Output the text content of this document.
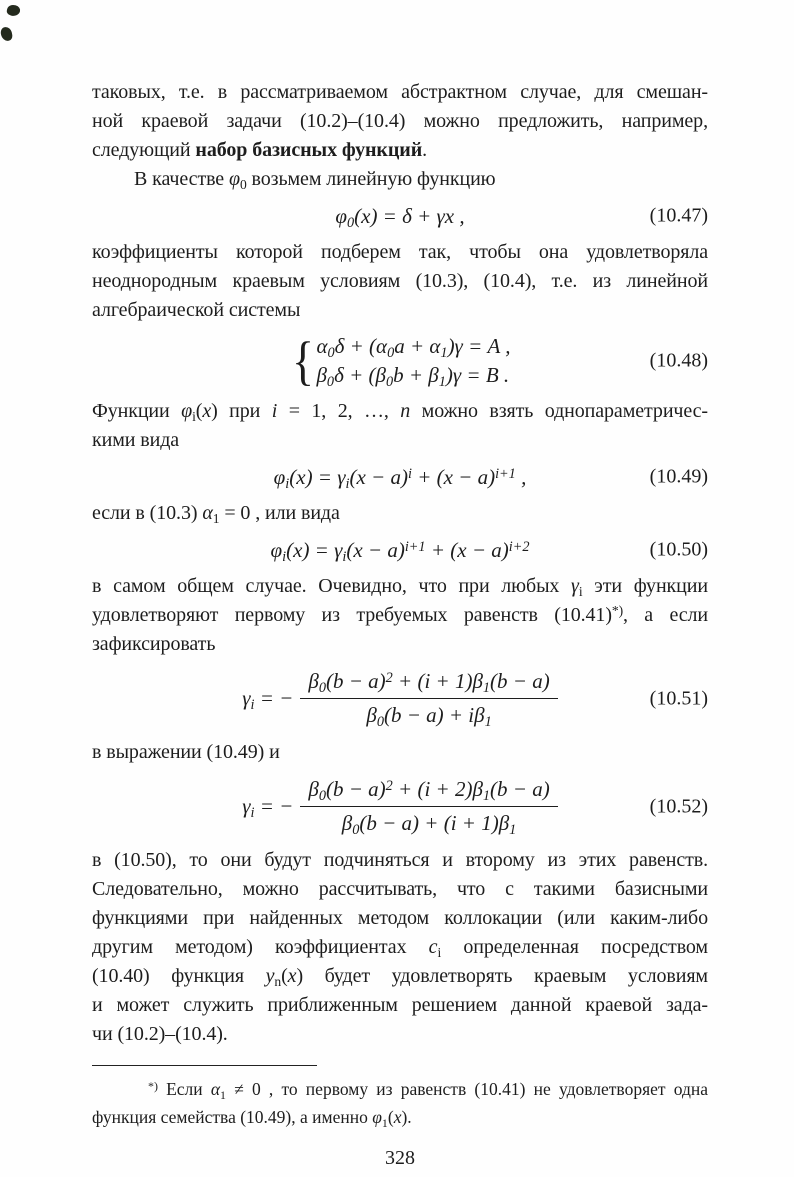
таковых, т.е. в рассматриваемом абстрактном случае, для смешан-
ной краевой задачи (10.2)–(10.4) можно предложить, например,
следующий набор базисных функций.
В качестве $\varphi_0$ возьмем линейную функцию
$\varphi_0(x) = \delta + \gamma x$ ,	(10.47)
коэффициенты которой подберем так, чтобы она удовлетворяла
неоднородным краевым условиям (10.3), (10.4), т.е. из линейной
алгебраической системы
{ $\alpha_0\delta + (\alpha_0a + \alpha_1)\gamma = A$ ,
$\beta_0\delta + (\beta_0b + \beta_1)\gamma = B$ .
(10.48)
Функции $\varphi_i(x)$ при i = 1, 2, …, n можно взять однопараметричес-
кими вида
$\varphi_i(x) = \gamma_i(x - a)^i + (x - a)^{i+1}$ ,	(10.49)
если в (10.3) $\alpha_1 = 0$ , или вида
$\varphi_i(x) = \gamma_i(x - a)^{i+1} + (x - a)^{i+2}$	(10.50)
в самом общем случае. Очевидно, что при любых $\gamma_i$ эти функции
удовлетворяют первому из требуемых равенств (10.41)*), а если
зафиксировать
$\gamma_i$ = − $\frac{\beta_0(b - a)^2 + (i + 1)\beta_1(b - a)}{\beta_0(b - a) + i\beta_1}$	(10.51)
в выражении (10.49) и
$\gamma_i$ = − $\frac{\beta_0(b - a)^2 + (i + 2)\beta_1(b - a)}{\beta_0(b - a) + (i + 1)\beta_1}$	(10.52)
в (10.50), то они будут подчиняться и второму из этих равенств.
Следовательно, можно рассчитывать, что с такими базисными
функциями при найденных методом коллокации (или каким-либо
другим методом) коэффициентах $c_i$ определенная посредством
(10.40) функция $y_n(x)$ будет удовлетворять краевым условиям
и может служить приближенным решением данной краевой зада-
чи (10.2)–(10.4).
*) Если $\alpha_1 \ne 0$ , то первому из равенств (10.41) не удовлетворяет одна
функция семейства (10.49), а именно $\varphi_1(x)$.
328
